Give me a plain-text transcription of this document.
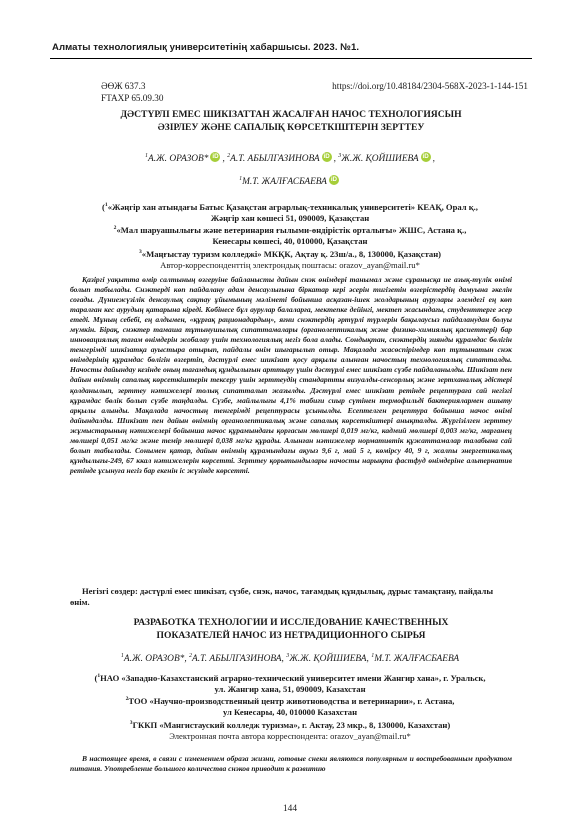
Алматы технологиялық университетінің хабаршысы. 2023. №1.
ӘӨЖ 637.3
FTAXP 65.09.30
https://doi.org/10.48184/2304-568X-2023-1-144-151
ДӘСТҮРЛІ ЕМЕС ШИКІЗАТТАН ЖАСАЛҒАН НАЧОС ТЕХНОЛОГИЯСЫН
ӘЗІРЛЕУ ЖӘНЕ САПАЛЫҚ КӨРСЕТКІШТЕРІН ЗЕРТТЕУ
$^1$А.Ж. ОРАЗОВ* iD , $^2$А.Т. АБЫЛГАЗИНОВА iD , $^3$Ж.Ж. ҚОЙШИЕВА iD ,
$^1$М.Т. ЖАЛҒАСБАЕВА iD
($^1$«Жәңгір хан атындағы Батыс Қазақстан аграрлық-техникалық университеті» КЕАҚ, Орал қ.,
Жәңгір хан көшесі 51, 090009, Қазақстан
$^2$«Мал шаруашылығы және ветеринария ғылыми-өндірістік орталығы» ЖШС, Астана қ.,
Кенесары көшесі, 40, 010000, Қазақстан
$^3$«Маңғыстау туризм колледжі» МКҚК, Ақтау қ. 23ш/а., 8, 130000, Қазақстан)
Автор-корреспонденттің электрондық поштасы: orazov_ayan@mail.ru*
Қазіргі уақытта өмір салтының өзгеруіне байланысты дайын снэк өнімдері танымал және сұранысқа ие азық-түлік өнімі болып табылады. Снэктерді көп пайдалану адам денсаулығына біркатар кері әсерін тигізетін өзгерістердің дамуына әкелін соғады. Дүниежүзілік денсаулық сақтау ұйымының мәлімeтi бойынша асқазан-ішек жолдарының аурулары әлемдегі ең көп таралған кес аурудың қатарына кіреді. Көбінесе бұл аурулар балаларға, мектепке дейінгі, мектеп жасындағы, студенттерге әсер етеді. Мұның себебі, ең алдымен, «құрғақ рационадардың», яғни снэктердің әртүрлі түрлерін бақылаусыз пайдаланудан болуы мүмкін. Бірақ, снэктер тамаша тұтынушылық сипаттамалары (органолептикалық және физико-химиялық қасиеттері) бар инновациялық тағам өнімдерін жобалау үшін технологиялық негіз бола алады. Сондықтан, снэктердің зиянды құрамдас бөлігін тенгерімді шикізатқа ауыстыра отырып, пайдалы өнім шығарылып отыр. Мақалада жасөспірімдер көп тұтынатын снэк өнімдерінің құрамдас бөлігін өзгертіп, дәстүрлі емес шикізат қосу арқылы алынған начостың технологиялық сипаттaлды. Начосты дайындау кезінде оның тағамдық құндылығын арттыру үшін дәстүрлі емес шикізат сүзбе пайдаланылды. Шикізат пен дайын өнімнің сапалық көрсеткіштерін тексеру үшін зерттеудің стандартты визуалды-сенсорлық және зертханалық әдістері қолданылып, зерттеу нәтижелері толық сипатталып жазылды. Дәстүрлі емес шикізат ретінде рецептураға сай негізгі құрамдас бөлік болып сүзбе таңдалды. Сүзбе, майлылығы 4,1% табиғи сиыр сүтінен термофильді бактериялармен ашыту арқылы алынды. Мақалада начостың тенгерімді рецептурасы ұсынылды. Есептелген рецептура бойынша начос өнімі дайындалды. Шикізат пен дайын өнімнің органолептикалық және сапалық көрсеткіштері анықталды. Жүргізілген зерттеу жұмыстарының нәтижелері бойынша начос құрамындағы қорғасын мөлшері 0,019 мг/кг, кадмий мөлшері 0,003 мг/кг, марганец мөлшері 0,051 мг/кг және темір мөлшері 0,038 мг/кг құрады. Алынған нәтижелер нормативтік құжаттамалар талабына сай болып табылады. Сонымен қатар, дайын өнімнің құрамындағы ақуыз 9,6 г, май 5 г, көмірсу 40, 9 г, жалпы энергетикалық құндылығы-249, 67 ккал нәтижелерін көрсетті. Зерттеу қорытындылары начосты нарықта фастфуд өнімдеріне альтернатив ретінде ұсынуға негіз бар екенін іс жүзінде көрсетті.
Негізгі сөздер: дәстүрлі емес шикізат, сүзбе, снэк, начос, тағамдық құндылық, дұрыс тамақтану, пайдалы өнім.
РАЗРАБОТКА ТЕХНОЛОГИИ И ИССЛЕДОВАНИЕ КАЧЕСТВЕННЫХ
ПОКАЗАТЕЛЕЙ НАЧОС ИЗ НЕТРАДИЦИОННОГО СЫРЬЯ
$^1$А.Ж. ОРАЗОВ*, $^2$А.Т. АБЫЛГАЗИНОВА, $^3$Ж.Ж. ҚОЙШИЕВА, $^1$М.Т. ЖАЛҒАСБАЕВА
($^1$НАО «Западно-Казахстанский аграрно-технический университет имени Жангир хана», г. Уральск,
ул. Жангир хана, 51, 090009, Казахстан
$^2$ТОО «Научно-производственный центр животноводства и ветеринарии», г. Астана,
ул Кенесары, 40, 010000 Казахстан
$^3$ГККП «Мангистауский колледж туризма», г. Актау, 23 мкр., 8, 130000, Казахстан)
Электронная почта автора корреспондента: orazov_ayan@mail.ru*
В настоящее время, в связи с изменением образа жизни, готовые снеки являются популярным и востребованным продуктом питания. Употребление большого количества снэков приводит к развитию
144
